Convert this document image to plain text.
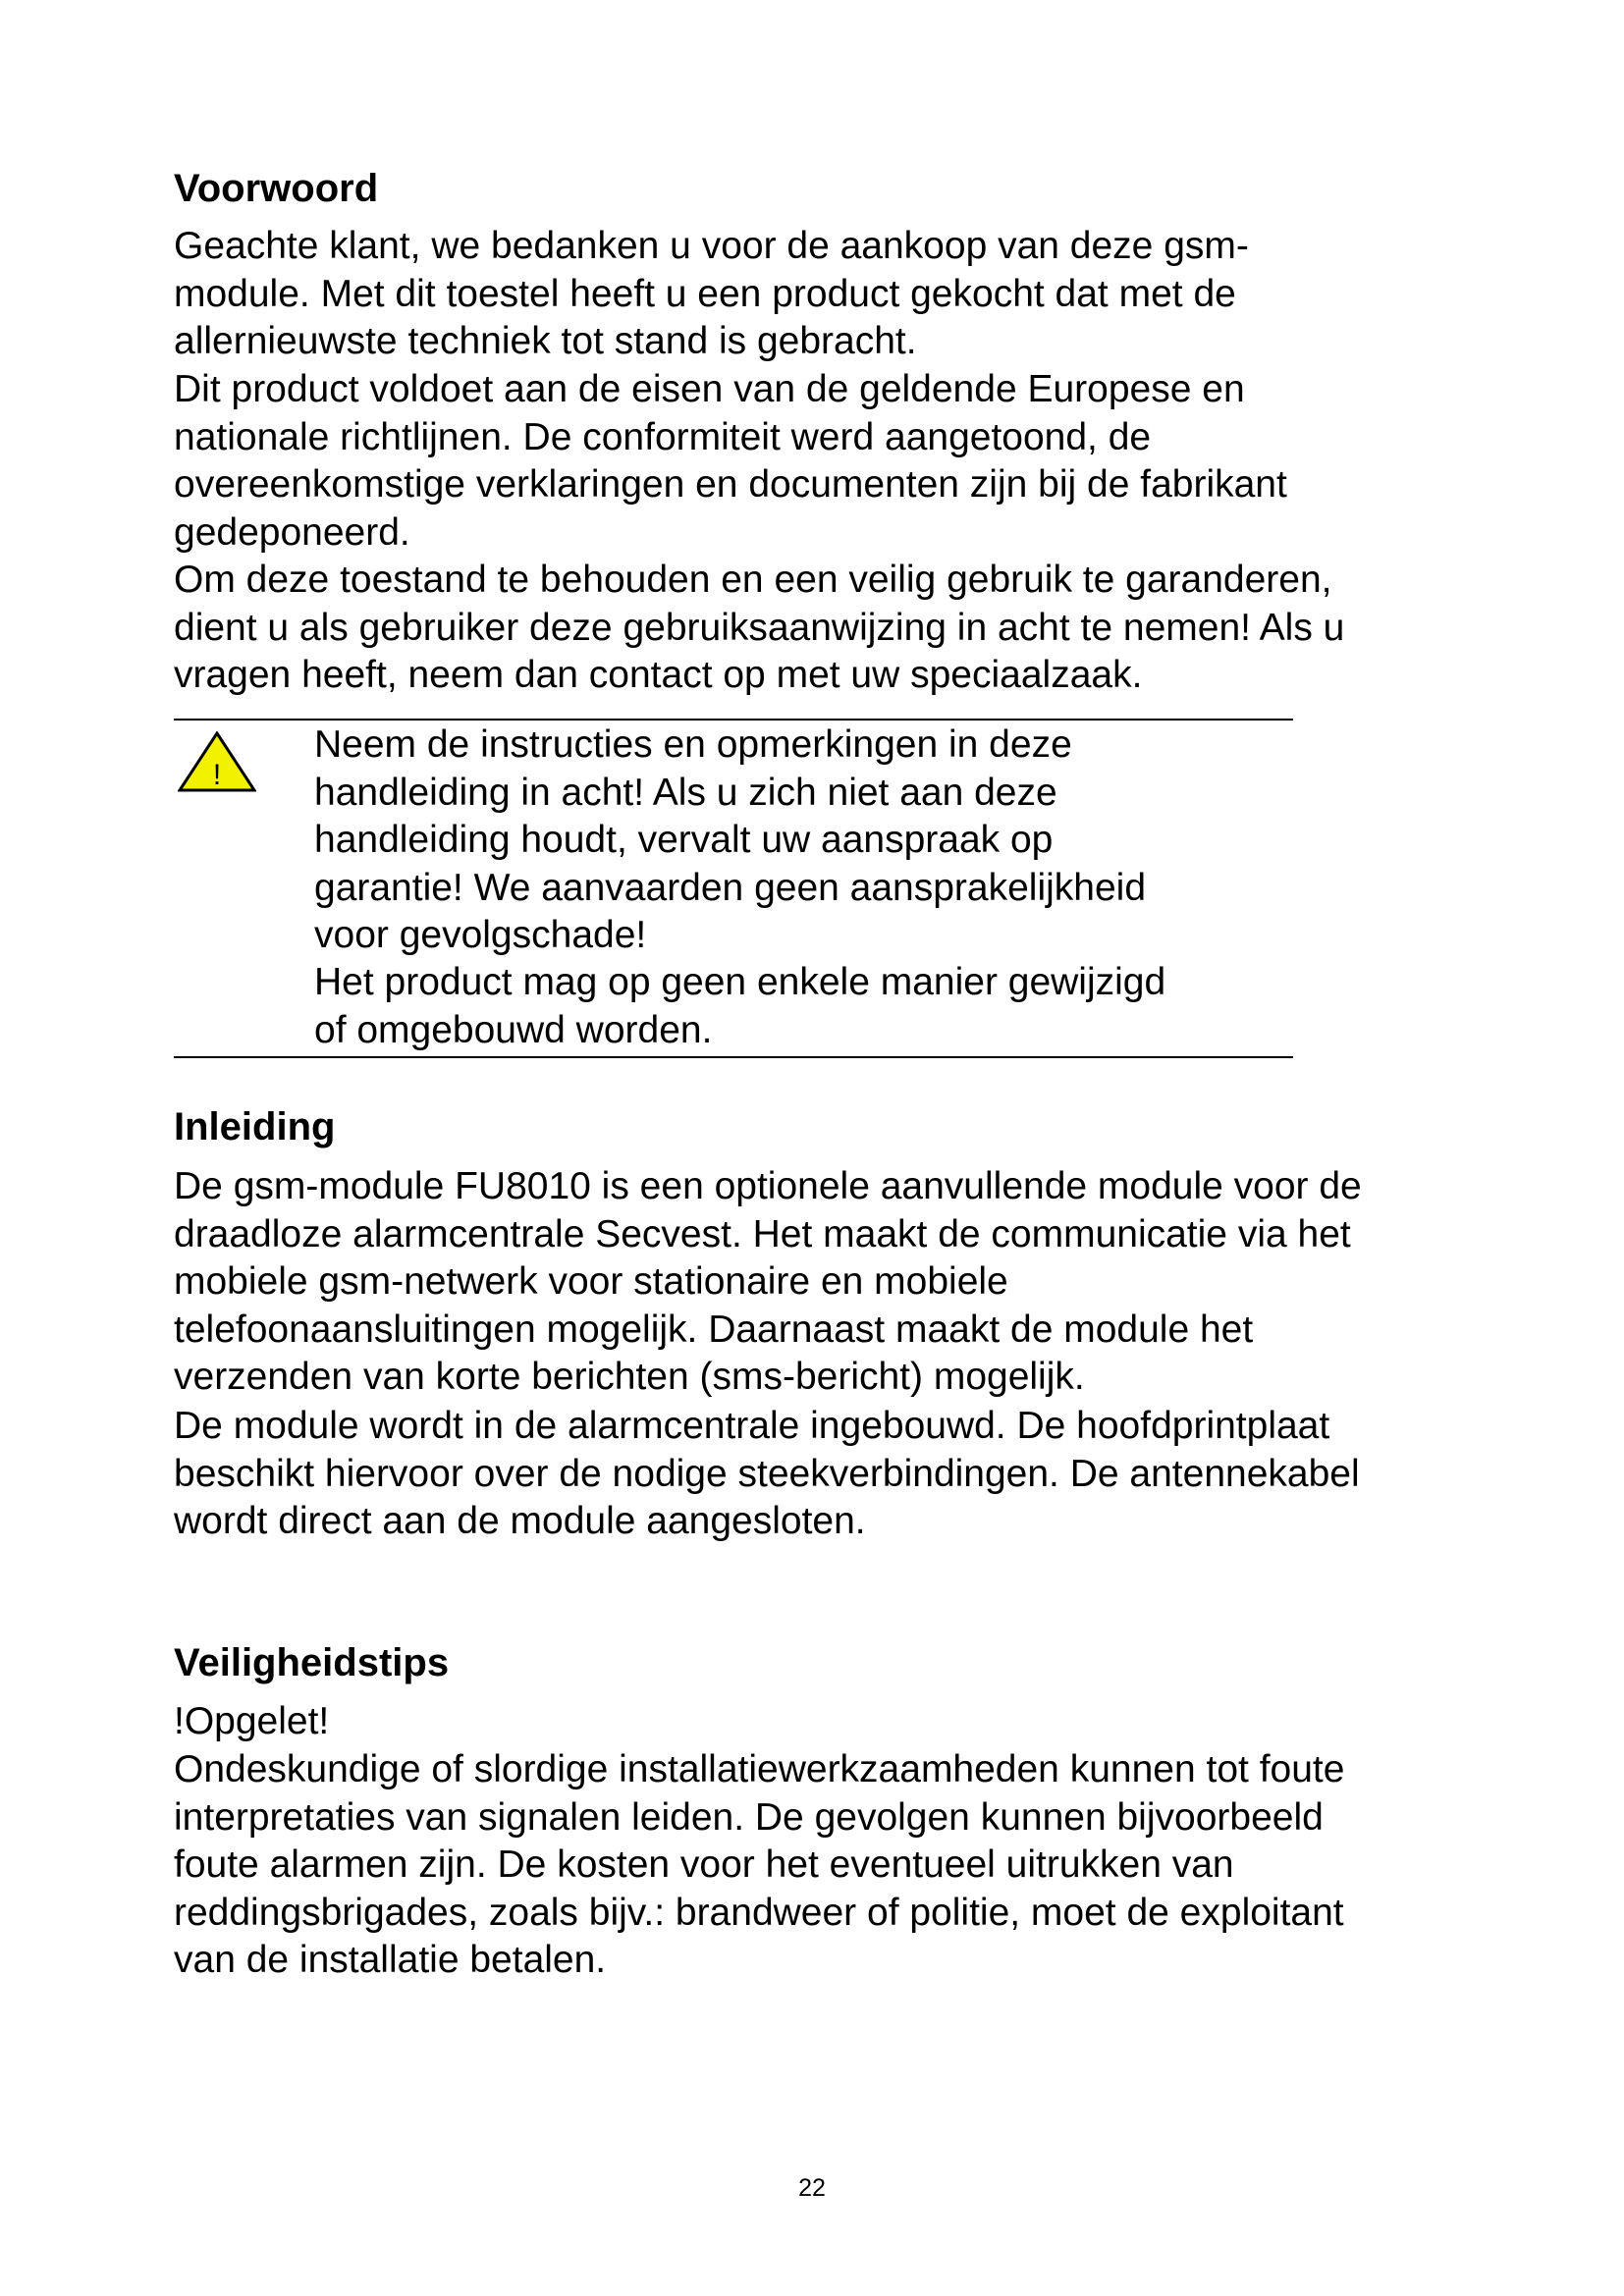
Voorwoord

Geachte klant, we bedanken u voor de aankoop van deze gsm-
module. Met dit toestel heeft u een product gekocht dat met de
allernieuwste techniek tot stand is gebracht.

Dit product voldoet aan de eisen van de geldende Europese en
nationale richtlijnen. De conformiteit werd aangetoond, de
overeenkomstige verklaringen en documenten zijn bij de fabrikant
gedeponeerd.

Om deze toestand te behouden en een veilig gebruik te garanderen,
dient u als gebruiker deze gebruiksaanwijzing in acht te nemen! Als u
vragen heeft, neem dan contact op met uw speciaalzaak.

!

Neem de instructies en opmerkingen in deze
handleiding in acht! Als u zich niet aan deze
handleiding houdt, vervalt uw aanspraak op
garantie! We aanvaarden geen aansprakelijkheid
voor gevolgschade!

Het product mag op geen enkele manier gewijzigd
of omgebouwd worden.

Inleiding

De gsm-module FU8010 is een optionele aanvullende module voor de
draadloze alarmcentrale Secvest. Het maakt de communicatie via het
mobiele gsm-netwerk voor stationaire en mobiele
telefoonaansluitingen mogelijk. Daarnaast maakt de module het
verzenden van korte berichten (sms-bericht) mogelijk.

De module wordt in de alarmcentrale ingebouwd. De hoofdprintplaat
beschikt hiervoor over de nodige steekverbindingen. De antennekabel
wordt direct aan de module aangesloten.

Veiligheidstips

!Opgelet!

Ondeskundige of slordige installatiewerkzaamheden kunnen tot foute
interpretaties van signalen leiden. De gevolgen kunnen bijvoorbeeld
foute alarmen zijn. De kosten voor het eventueel uitrukken van
reddingsbrigades, zoals bijv.: brandweer of politie, moet de exploitant
van de installatie betalen.

22
